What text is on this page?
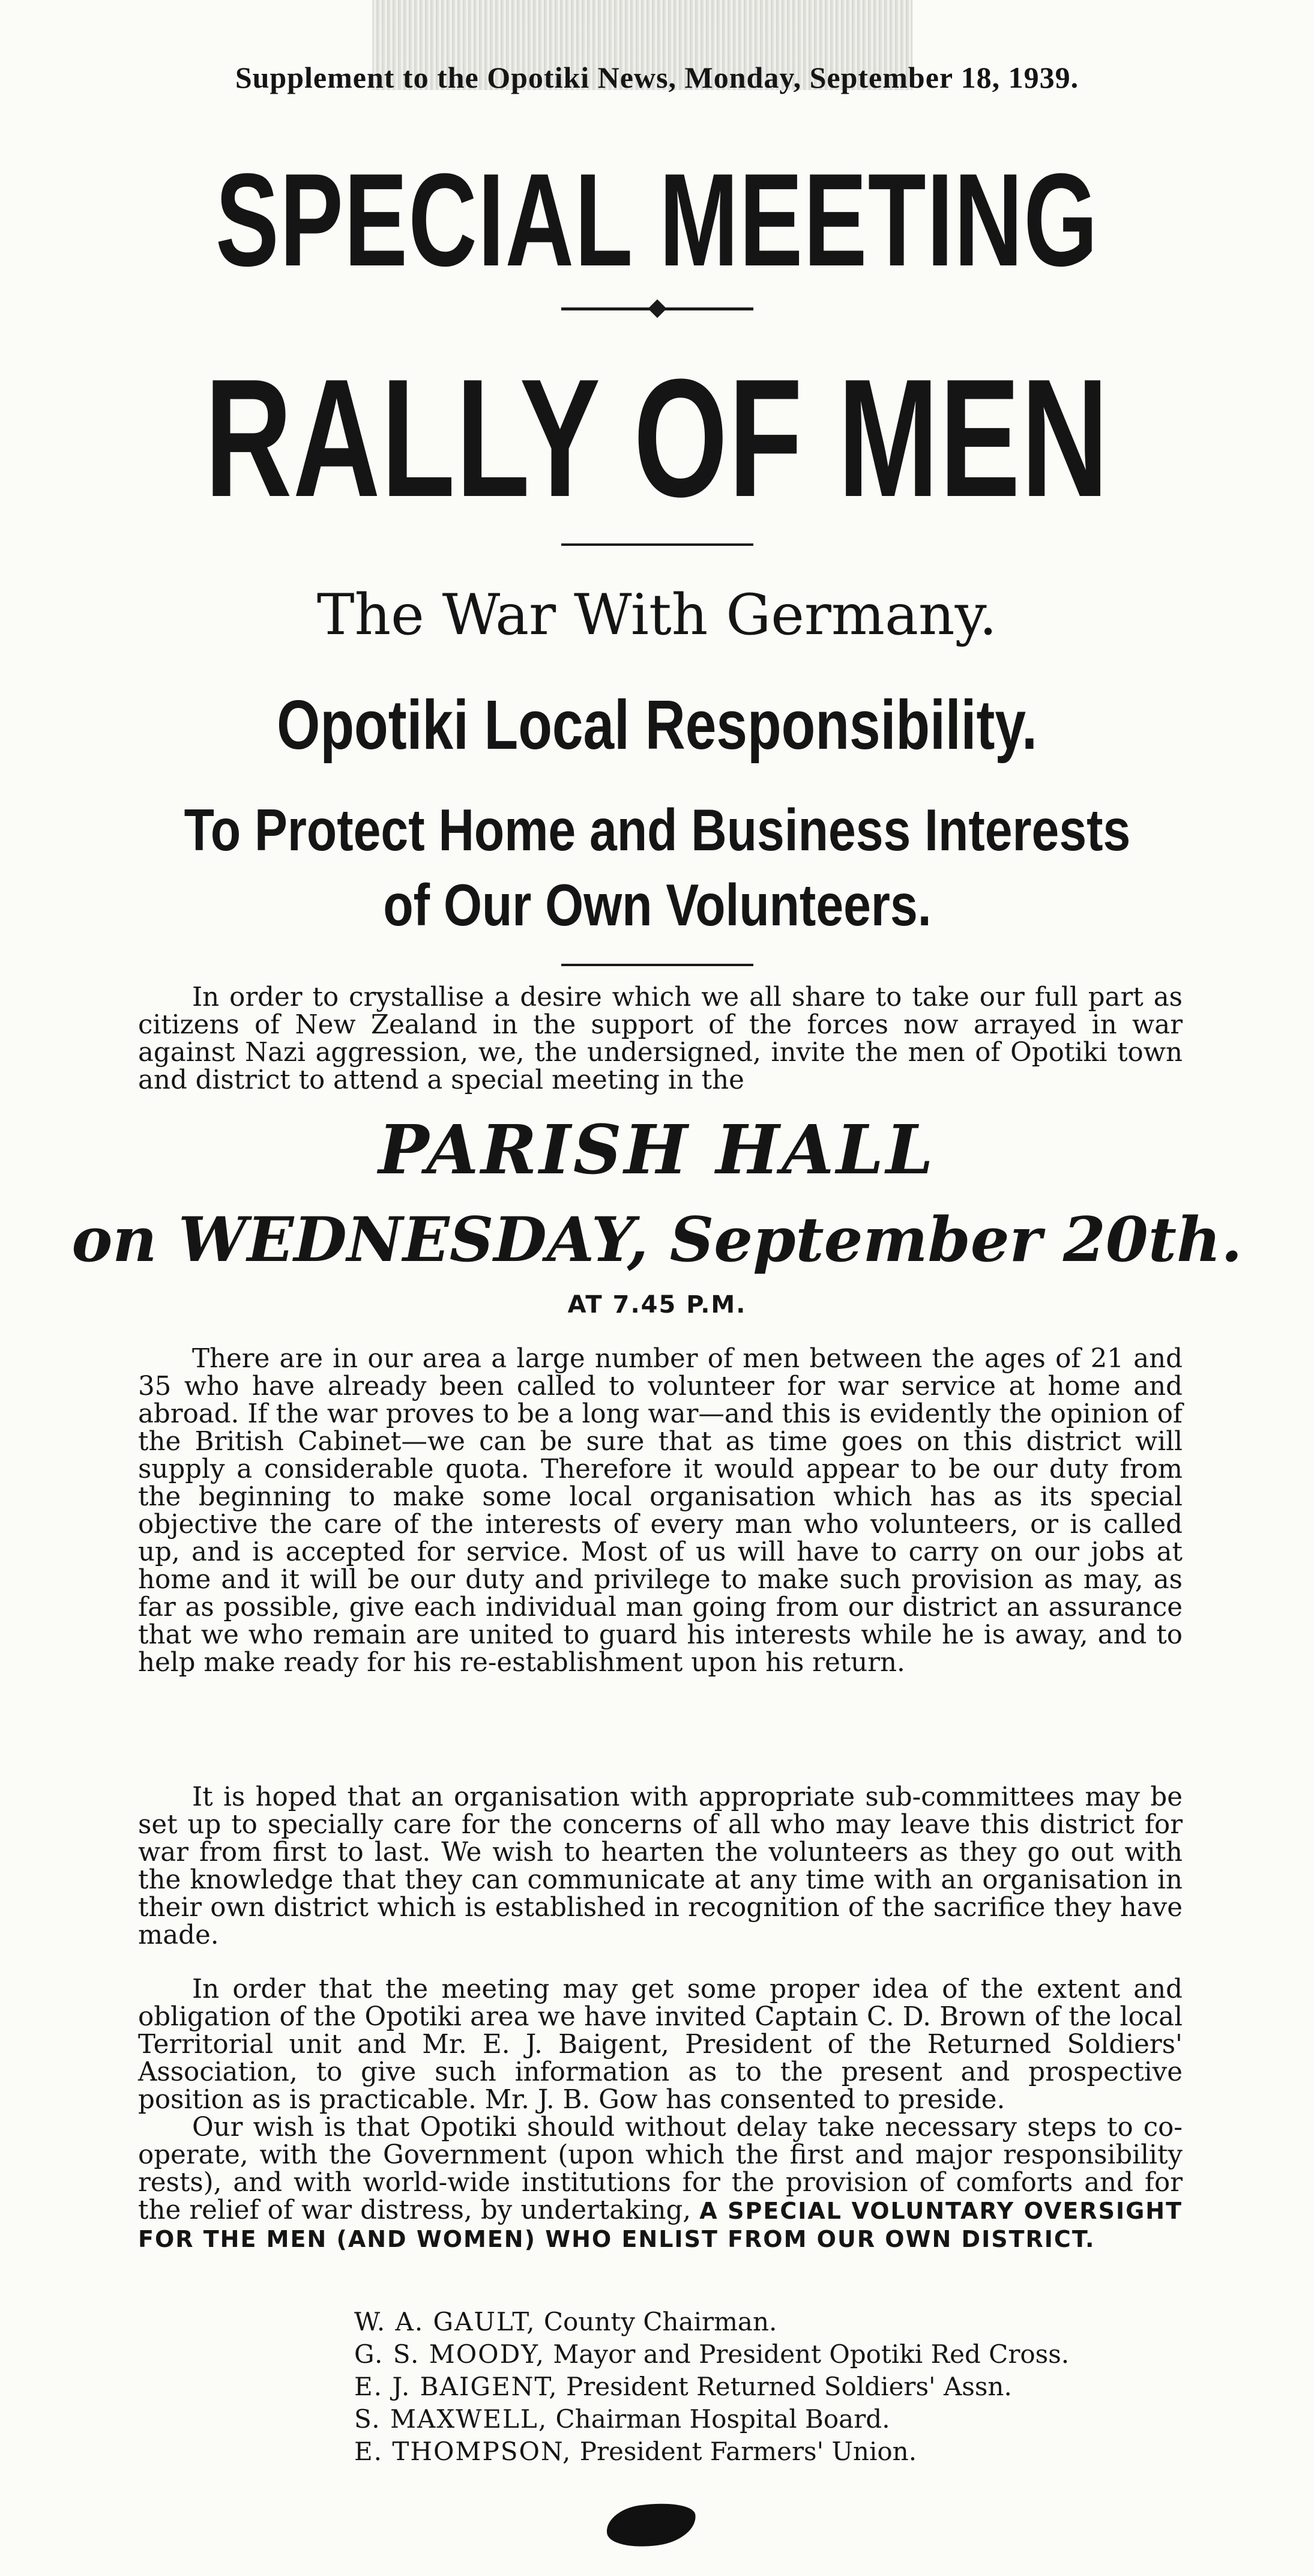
Supplement to the Opotiki News, Monday, September 18, 1939.
SPECIAL MEETING
RALLY OF MEN
The War With Germany.
Opotiki Local Responsibility.
To Protect Home and Business Interests of Our Own Volunteers.
In order to crystallise a desire which we all share to take our full part as citizens of New Zealand in the support of the forces now arrayed in war against Nazi aggression, we, the undersigned, invite the men of Opotiki town and district to attend a special meeting in the
PARISH HALL
on WEDNESDAY, September 20th.
AT 7.45 P.M.
There are in our area a large number of men between the ages of 21 and 35 who have already been called to volunteer for war service at home and abroad. If the war proves to be a long war—and this is evidently the opinion of the British Cabinet—we can be sure that as time goes on this district will supply a considerable quota. Therefore it would appear to be our duty from the beginning to make some local organisation which has as its special objective the care of the interests of every man who volunteers, or is called up, and is accepted for service. Most of us will have to carry on our jobs at home and it will be our duty and privilege to make such provision as may, as far as possible, give each individual man going from our district an assurance that we who remain are united to guard his interests while he is away, and to help make ready for his re-establishment upon his return.
It is hoped that an organisation with appropriate sub-committees may be set up to specially care for the concerns of all who may leave this district for war from first to last. We wish to hearten the volunteers as they go out with the knowledge that they can communicate at any time with an organisation in their own district which is established in recognition of the sacrifice they have made.
In order that the meeting may get some proper idea of the extent and obligation of the Opotiki area we have invited Captain C. D. Brown of the local Territorial unit and Mr. E. J. Baigent, President of the Returned Soldiers' Association, to give such information as to the present and prospective position as is practicable. Mr. J. B. Gow has consented to preside.
Our wish is that Opotiki should without delay take necessary steps to co-operate, with the Government (upon which the first and major responsibility rests), and with world-wide institutions for the provision of comforts and for the relief of war distress, by undertaking, A SPECIAL VOLUNTARY OVERSIGHT FOR THE MEN (AND WOMEN) WHO ENLIST FROM OUR OWN DISTRICT.
W. A. GAULT, County Chairman.
G. S. MOODY, Mayor and President Opotiki Red Cross.
E. J. BAIGENT, President Returned Soldiers' Assn.
S. MAXWELL, Chairman Hospital Board.
E. THOMPSON, President Farmers' Union.
